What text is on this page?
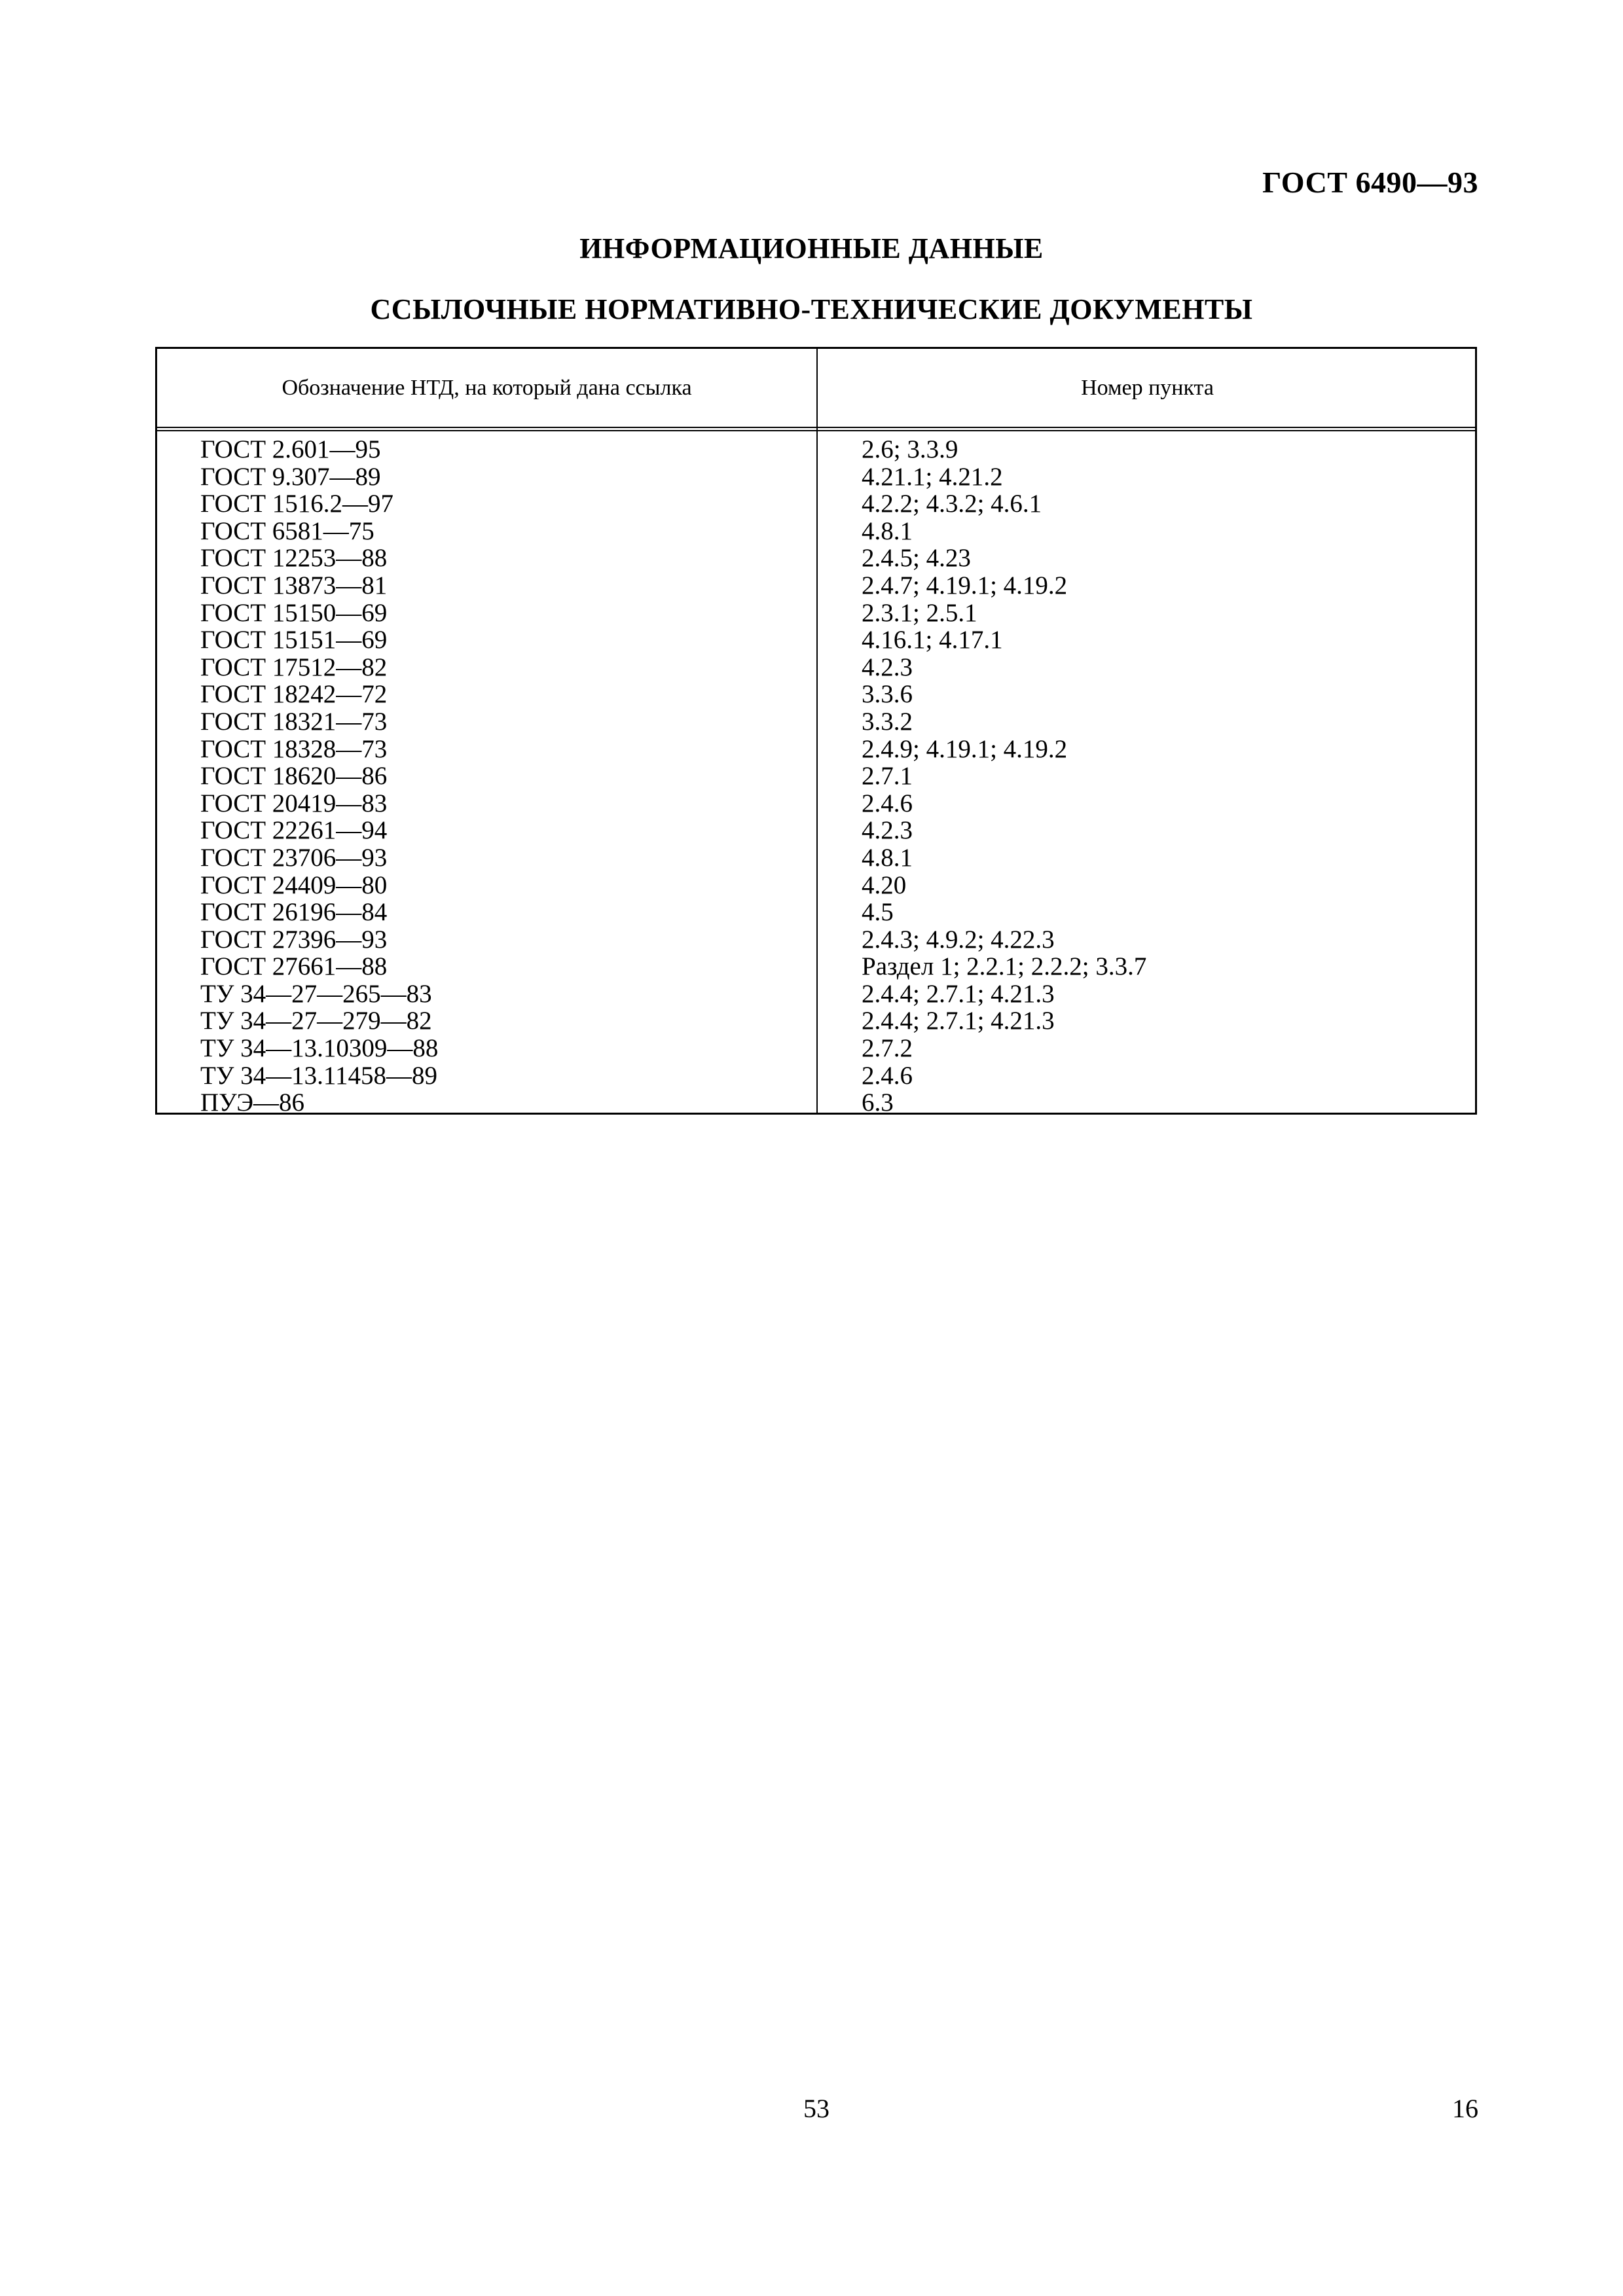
ГОСТ 6490—93
ИНФОРМАЦИОННЫЕ ДАННЫЕ
ССЫЛОЧНЫЕ НОРМАТИВНО-ТЕХНИЧЕСКИЕ ДОКУМЕНТЫ
Обозначение НТД, на который дана ссылка	Номер пункта
ГОСТ 2.601—95	2.6; 3.3.9
ГОСТ 9.307—89	4.21.1; 4.21.2
ГОСТ 1516.2—97	4.2.2; 4.3.2; 4.6.1
ГОСТ 6581—75	4.8.1
ГОСТ 12253—88	2.4.5; 4.23
ГОСТ 13873—81	2.4.7; 4.19.1; 4.19.2
ГОСТ 15150—69	2.3.1; 2.5.1
ГОСТ 15151—69	4.16.1; 4.17.1
ГОСТ 17512—82	4.2.3
ГОСТ 18242—72	3.3.6
ГОСТ 18321—73	3.3.2
ГОСТ 18328—73	2.4.9; 4.19.1; 4.19.2
ГОСТ 18620—86	2.7.1
ГОСТ 20419—83	2.4.6
ГОСТ 22261—94	4.2.3
ГОСТ 23706—93	4.8.1
ГОСТ 24409—80	4.20
ГОСТ 26196—84	4.5
ГОСТ 27396—93	2.4.3; 4.9.2; 4.22.3
ГОСТ 27661—88	Раздел 1; 2.2.1; 2.2.2; 3.3.7
ТУ 34—27—265—83	2.4.4; 2.7.1; 4.21.3
ТУ 34—27—279—82	2.4.4; 2.7.1; 4.21.3
ТУ 34—13.10309—88	2.7.2
ТУ 34—13.11458—89	2.4.6
ПУЭ—86	6.3
53	16
